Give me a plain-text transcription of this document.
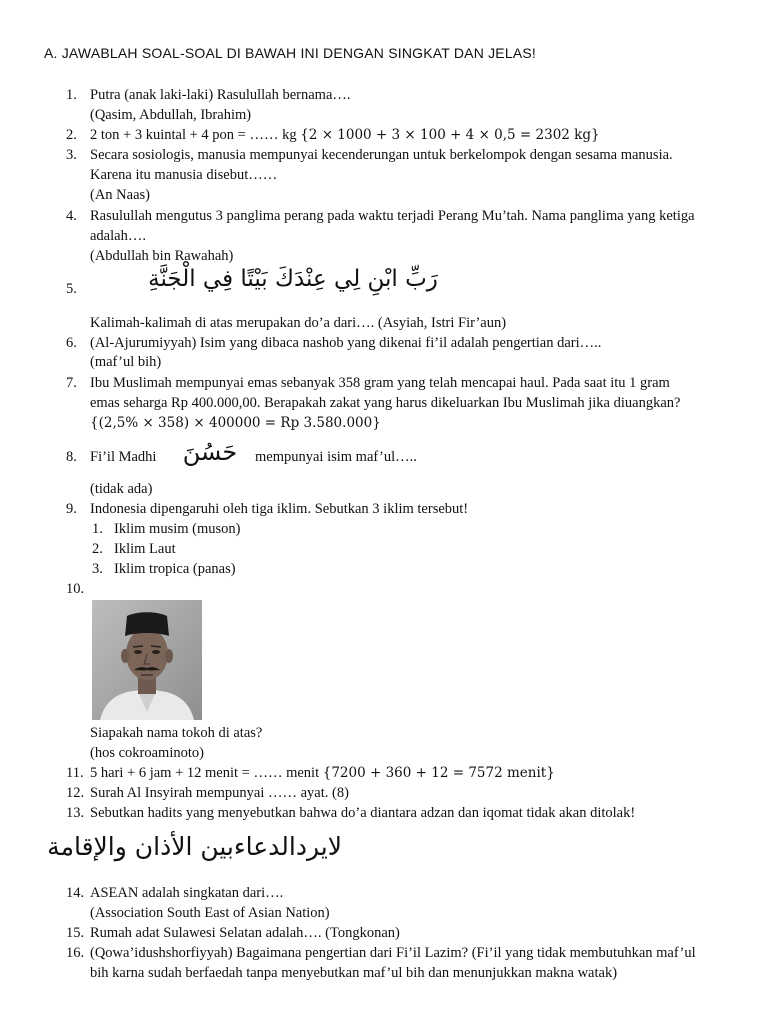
A. JAWABLAH SOAL-SOAL DI BAWAH INI DENGAN SINGKAT DAN JELAS!
1. Putra (anak laki-laki) Rasulullah bernama….
(Qasim, Abdullah, Ibrahim)
2. 2 ton + 3 kuintal + 4 pon = …… kg {2 × 1000 + 3 × 100 + 4 × 0,5 = 2302 kg}
3. Secara sosiologis, manusia mempunyai kecenderungan untuk berkelompok dengan sesama manusia.
Karena itu manusia disebut……
(An Naas)
4. Rasulullah mengutus 3 panglima perang pada waktu terjadi Perang Mu’tah. Nama panglima yang ketiga
adalah….
(Abdullah bin Rawahah)
5.	رَبِّ ابْنِ لِي عِنْدَكَ بَيْتًا فِي الْجَنَّةِ
Kalimah-kalimah di atas merupakan do’a dari…. (Asyiah, Istri Fir’aun)
6. (Al-Ajurumiyyah) Isim yang dibaca nashob yang dikenai fi’il adalah pengertian dari…..
(maf’ul bih)
7. Ibu Muslimah mempunyai emas sebanyak 358 gram yang telah mencapai haul. Pada saat itu 1 gram
emas seharga Rp 400.000,00. Berapakah zakat yang harus dikeluarkan Ibu Muslimah jika diuangkan?
{(2,5% × 358) × 400000 = Rp 3.580.000}
8. Fi’il Madhi	حَسُنَ	mempunyai isim maf’ul…..
(tidak ada)
9. Indonesia dipengaruhi oleh tiga iklim. Sebutkan 3 iklim tersebut!
1. Iklim musim (muson)
2. Iklim Laut
3. Iklim tropica (panas)
10.
Siapakah nama tokoh di atas?
(hos cokroaminoto)
11. 5 hari + 6 jam + 12 menit = …… menit {7200 + 360 + 12 = 7572 menit}
12. Surah Al Insyirah mempunyai …… ayat. (8)
13. Sebutkan hadits yang menyebutkan bahwa do’a diantara adzan dan iqomat tidak akan ditolak!
لايردالدعاءبين الأذان والإقامة
14. ASEAN adalah singkatan dari….
(Association South East of Asian Nation)
15. Rumah adat Sulawesi Selatan adalah…. (Tongkonan)
16. (Qowa’idushshorfiyyah) Bagaimana pengertian dari Fi’il Lazim? (Fi’il yang tidak membutuhkan maf’ul
bih karna sudah berfaedah tanpa menyebutkan maf’ul bih dan menunjukkan makna watak)
